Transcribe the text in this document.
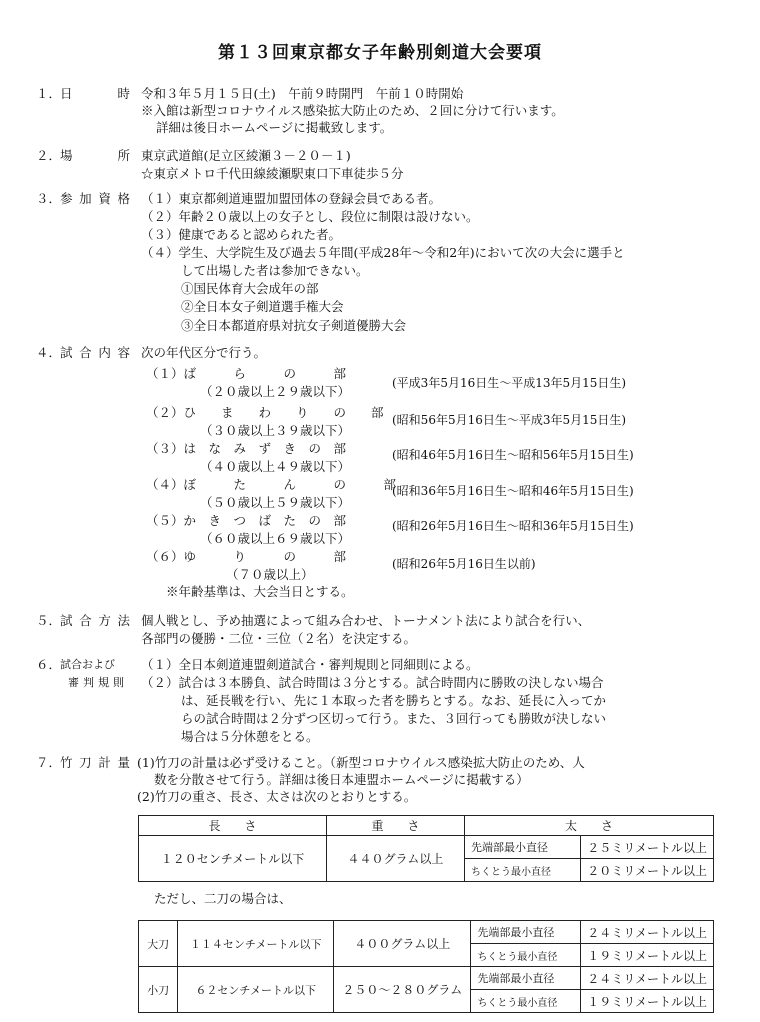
第１３回東京都女子年齢別剣道大会要項
１．
日	時 令和３年５月１５日(土)　午前９時開門　午前１０時開始
※入館は新型コロナウイルス感染拡大防止のため、２回に分けて行います。
詳細は後日ホームページに掲載致します。
２．
場	所 東京武道館(足立区綾瀬３－２０－１)
☆東京メトロ千代田線綾瀬駅東口下車徒歩５分
３．
参 加 資 格 （１）東京都剣道連盟加盟団体の登録会員である者。
（２）年齢２０歳以上の女子とし、段位に制限は設けない。
（３）健康であると認められた者。
（４）学生、大学院生及び過去５年間(平成28年～令和2年)において次の大会に選手と
して出場した者は参加できない。
①国民体育大会成年の部
②全日本女子剣道選手権大会
③全日本都道府県対抗女子剣道優勝大会
４．
試 合 内 容 次の年代区分で行う。
（１）ば　　　ら　　　の　　　部
（２０歳以上２９歳以下）
(平成3年5月16日生～平成13年5月15日生)
（２）ひ　　ま　　わ　　り　　の　　部
（３０歳以上３９歳以下）
(昭和56年5月16日生～平成3年5月15日生)
（３）は　な　み　ず　き　の　部
（４０歳以上４９歳以下）
(昭和46年5月16日生～昭和56年5月15日生)
（４）ぼ　　　た　　　ん　　　の　　　部
（５０歳以上５９歳以下）
(昭和36年5月16日生～昭和46年5月15日生)
（５）か　き　つ　ば　た　の　部
（６０歳以上６９歳以下）
(昭和26年5月16日生～昭和36年5月15日生)
（６）ゆ　　　り　　　の　　　部
（７０歳以上）
(昭和26年5月16日生以前)
※年齢基準は、大会当日とする。
５．
試 合 方 法 個人戦とし、予め抽選によって組み合わせ、トーナメント法により試合を行い、
各部門の優勝・二位・三位（２名）を決定する。
６．
試合および
審 判 規 則
（１）全日本剣道連盟剣道試合・審判規則と同細則による。
（２）試合は３本勝負、試合時間は３分とする。試合時間内に勝敗の決しない場合
は、延長戦を行い、先に１本取った者を勝ちとする。なお、延長に入ってか
らの試合時間は２分ずつ区切って行う。また、３回行っても勝敗が決しない
場合は５分休憩をとる。
７．
竹 刀 計 量 (1)竹刀の計量は必ず受けること。（新型コロナウイルス感染拡大防止のため、人
数を分散させて行う。詳細は後日本連盟ホームページに掲載する）
(2)竹刀の重さ、長さ、太さは次のとおりとする。
長　　さ	重　　さ	太　　さ	
１２０センチメートル以下	４４０グラム以上	先端部最小直径	２５ミリメートル以上
		ちくとう最小直径	２０ミリメートル以上
ただし、二刀の場合は、
大刀	１１４センチメートル以下	４００グラム以上	先端部最小直径	２４ミリメートル以上
			ちくとう最小直径	１９ミリメートル以上
小刀	６２センチメートル以下	２５０～２８０グラム	先端部最小直径	２４ミリメートル以上
			ちくとう最小直径	１９ミリメートル以上
